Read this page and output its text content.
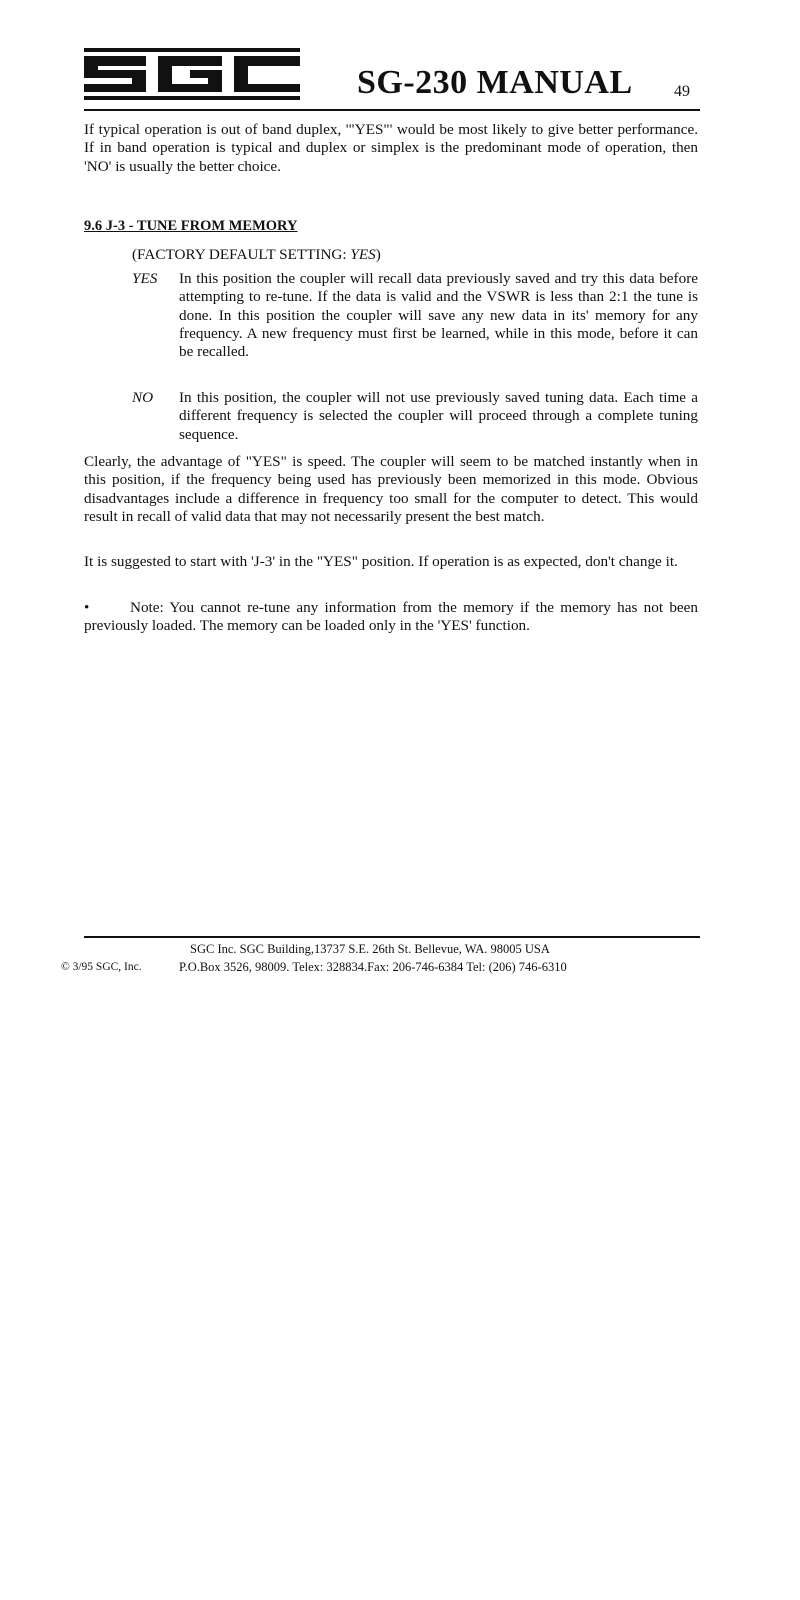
SG-230 MANUAL	49

If typical operation is out of band duplex, '"YES"' would be most likely to give better performance. If in band operation is typical and duplex or simplex is the predominant mode of operation, then 'NO' is usually the better choice.

9.6 J-3 - TUNE FROM MEMORY

(FACTORY DEFAULT SETTING: YES)

YES In this position the coupler will recall data previously saved and try this data before attempting to re-tune. If the data is valid and the VSWR is less than 2:1 the tune is done. In this position the coupler will save any new data in its' memory for any frequency. A new frequency must first be learned, while in this mode, before it can be recalled.

NO In this position, the coupler will not use previously saved tuning data. Each time a different frequency is selected the coupler will proceed through a complete tuning sequence.

Clearly, the advantage of "YES" is speed. The coupler will seem to be matched instantly when in this position, if the frequency being used has previously been memorized in this mode. Obvious disadvantages include a difference in frequency too small for the computer to detect. This would result in recall of valid data that may not necessarily present the best match.

It is suggested to start with 'J-3' in the "YES" position. If operation is as expected, don't change it.

•	Note: You cannot re-tune any information from the memory if the memory has not been previously loaded. The memory can be loaded only in the 'YES' function.

SGC Inc. SGC Building,13737 S.E. 26th St. Bellevue, WA. 98005 USA
© 3/95 SGC, Inc.	P.O.Box 3526, 98009. Telex: 328834.Fax: 206-746-6384 Tel: (206) 746-6310
